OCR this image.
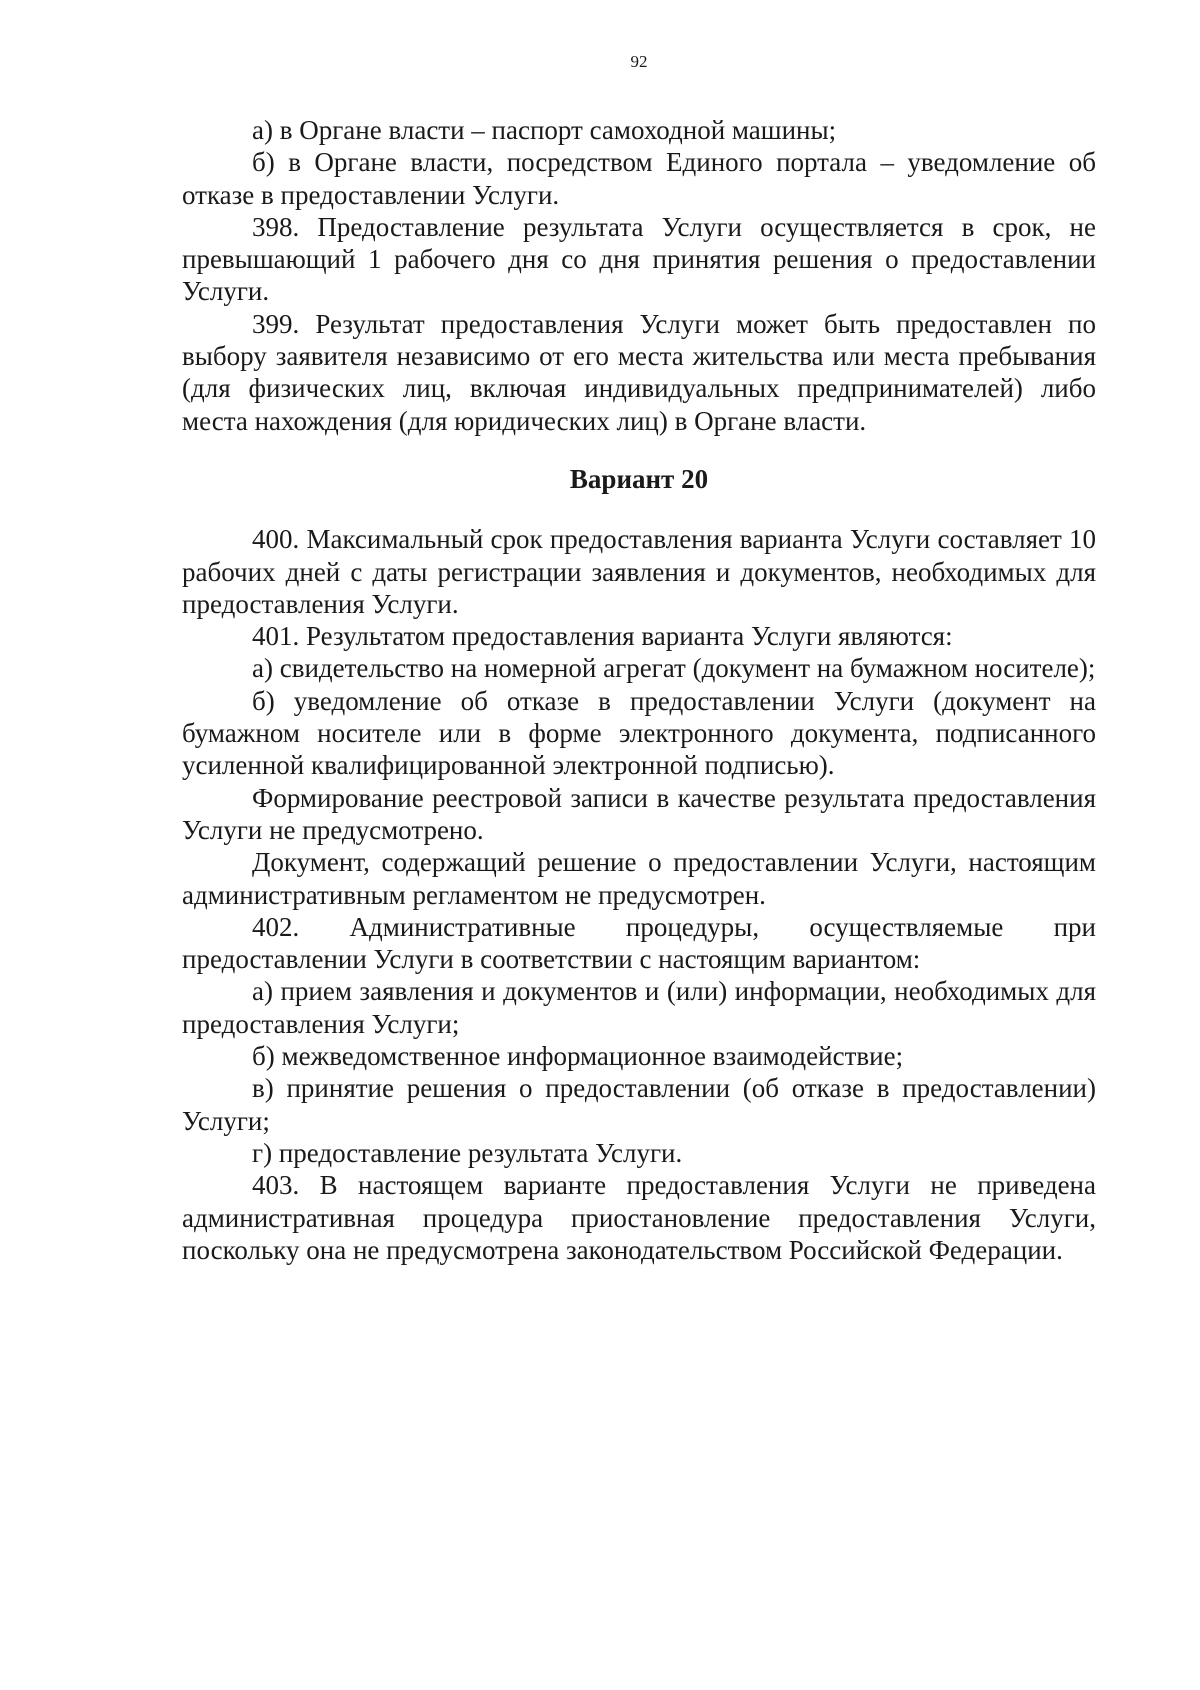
92

а) в Органе власти – паспорт самоходной машины;

б) в Органе власти, посредством Единого портала – уведомление об отказе в предоставлении Услуги.

398. Предоставление результата Услуги осуществляется в срок, не превышающий 1 рабочего дня со дня принятия решения о предоставлении Услуги.

399. Результат предоставления Услуги может быть предоставлен по выбору заявителя независимо от его места жительства или места пребывания (для физических лиц, включая индивидуальных предпринимателей) либо места нахождения (для юридических лиц) в Органе власти.

Вариант 20

400. Максимальный срок предоставления варианта Услуги составляет 10 рабочих дней с даты регистрации заявления и документов, необходимых для предоставления Услуги.

401. Результатом предоставления варианта Услуги являются:

а) свидетельство на номерной агрегат (документ на бумажном носителе);

б) уведомление об отказе в предоставлении Услуги (документ на бумажном носителе или в форме электронного документа, подписанного усиленной квалифицированной электронной подписью).

Формирование реестровой записи в качестве результата предоставления Услуги не предусмотрено.

Документ, содержащий решение о предоставлении Услуги, настоящим административным регламентом не предусмотрен.

402. Административные процедуры, осуществляемые при предоставлении Услуги в соответствии с настоящим вариантом:

а) прием заявления и документов и (или) информации, необходимых для предоставления Услуги;

б) межведомственное информационное взаимодействие;

в) принятие решения о предоставлении (об отказе в предоставлении) Услуги;

г) предоставление результата Услуги.

403. В настоящем варианте предоставления Услуги не приведена административная процедура приостановление предоставления Услуги, поскольку она не предусмотрена законодательством Российской Федерации.
